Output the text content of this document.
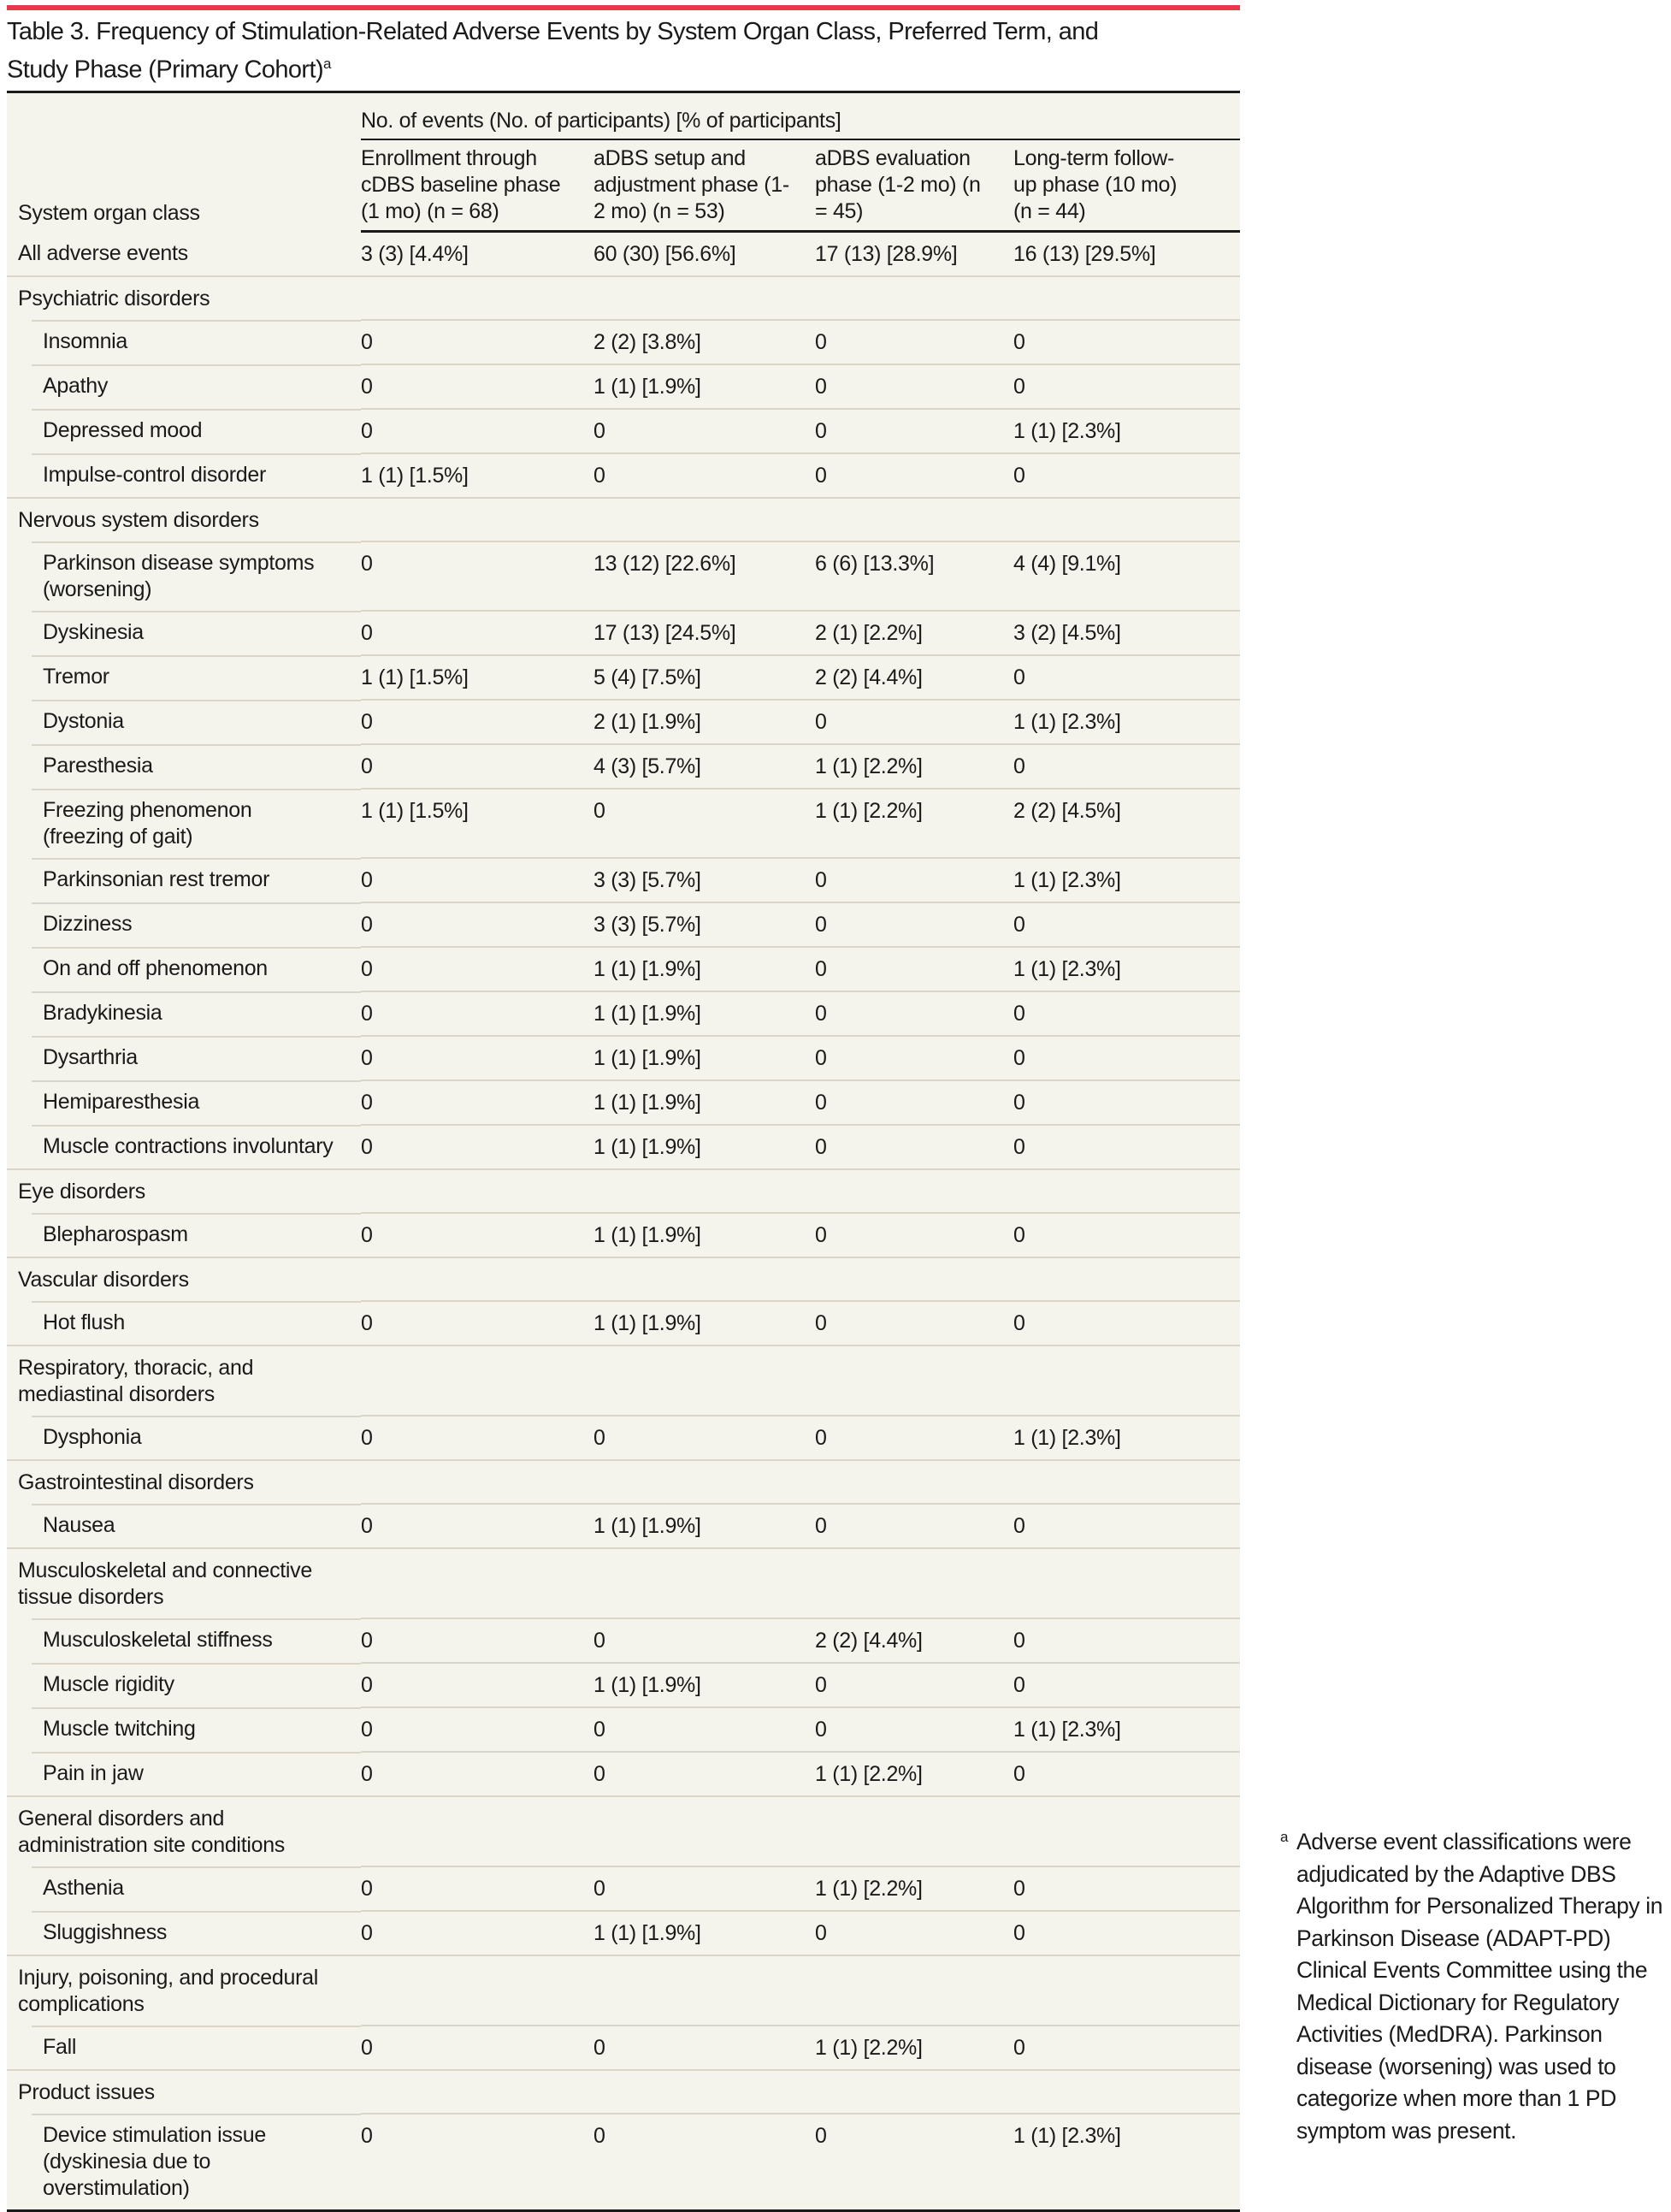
Table 3. Frequency of Stimulation-Related Adverse Events by System Organ Class, Preferred Term, and Study Phase (Primary Cohort)$^a$
System organ class	No. of events (No. of participants) [% of participants]			

	Enrollment through cDBS baseline phase (1 mo) (n = 68)	aDBS setup and adjustment phase (1-2 mo) (n = 53)	aDBS evaluation phase (1-2 mo) (n = 45)	Long-term follow-up phase (10 mo) (n = 44)

All adverse events	3 (3) [4.4%]	60 (30) [56.6%]	17 (13) [28.9%]	16 (13) [29.5%]

Psychiatric disorders				

Insomnia	0	2 (2) [3.8%]	0	0

Apathy	0	1 (1) [1.9%]	0	0

Depressed mood	0	0	0	1 (1) [2.3%]

Impulse-control disorder	1 (1) [1.5%]	0	0	0

Nervous system disorders				

Parkinson disease symptoms (worsening)	0	13 (12) [22.6%]	6 (6) [13.3%]	4 (4) [9.1%]

Dyskinesia	0	17 (13) [24.5%]	2 (1) [2.2%]	3 (2) [4.5%]

Tremor	1 (1) [1.5%]	5 (4) [7.5%]	2 (2) [4.4%]	0

Dystonia	0	2 (1) [1.9%]	0	1 (1) [2.3%]

Paresthesia	0	4 (3) [5.7%]	1 (1) [2.2%]	0

Freezing phenomenon (freezing of gait)	1 (1) [1.5%]	0	1 (1) [2.2%]	2 (2) [4.5%]

Parkinsonian rest tremor	0	3 (3) [5.7%]	0	1 (1) [2.3%]

Dizziness	0	3 (3) [5.7%]	0	0

On and off phenomenon	0	1 (1) [1.9%]	0	1 (1) [2.3%]

Bradykinesia	0	1 (1) [1.9%]	0	0

Dysarthria	0	1 (1) [1.9%]	0	0

Hemiparesthesia	0	1 (1) [1.9%]	0	0

Muscle contractions involuntary	0	1 (1) [1.9%]	0	0

Eye disorders				

Blepharospasm	0	1 (1) [1.9%]	0	0

Vascular disorders				

Hot flush	0	1 (1) [1.9%]	0	0

Respiratory, thoracic, and mediastinal disorders				

Dysphonia	0	0	0	1 (1) [2.3%]

Gastrointestinal disorders				

Nausea	0	1 (1) [1.9%]	0	0

Musculoskeletal and connective tissue disorders				

Musculoskeletal stiffness	0	0	2 (2) [4.4%]	0

Muscle rigidity	0	1 (1) [1.9%]	0	0

Muscle twitching	0	0	0	1 (1) [2.3%]

Pain in jaw	0	0	1 (1) [2.2%]	0

General disorders and administration site conditions				

Asthenia	0	0	1 (1) [2.2%]	0

Sluggishness	0	1 (1) [1.9%]	0	0

Injury, poisoning, and procedural complications				

Fall	0	0	1 (1) [2.2%]	0

Product issues				

Device stimulation issue (dyskinesia due to overstimulation)	0	0	0	1 (1) [2.3%]
a Adverse event classifications were adjudicated by the Adaptive DBS Algorithm for Personalized Therapy in Parkinson Disease (ADAPT-PD) Clinical Events Committee using the Medical Dictionary for Regulatory Activities (MedDRA). Parkinson disease (worsening) was used to categorize when more than 1 PD symptom was present.
